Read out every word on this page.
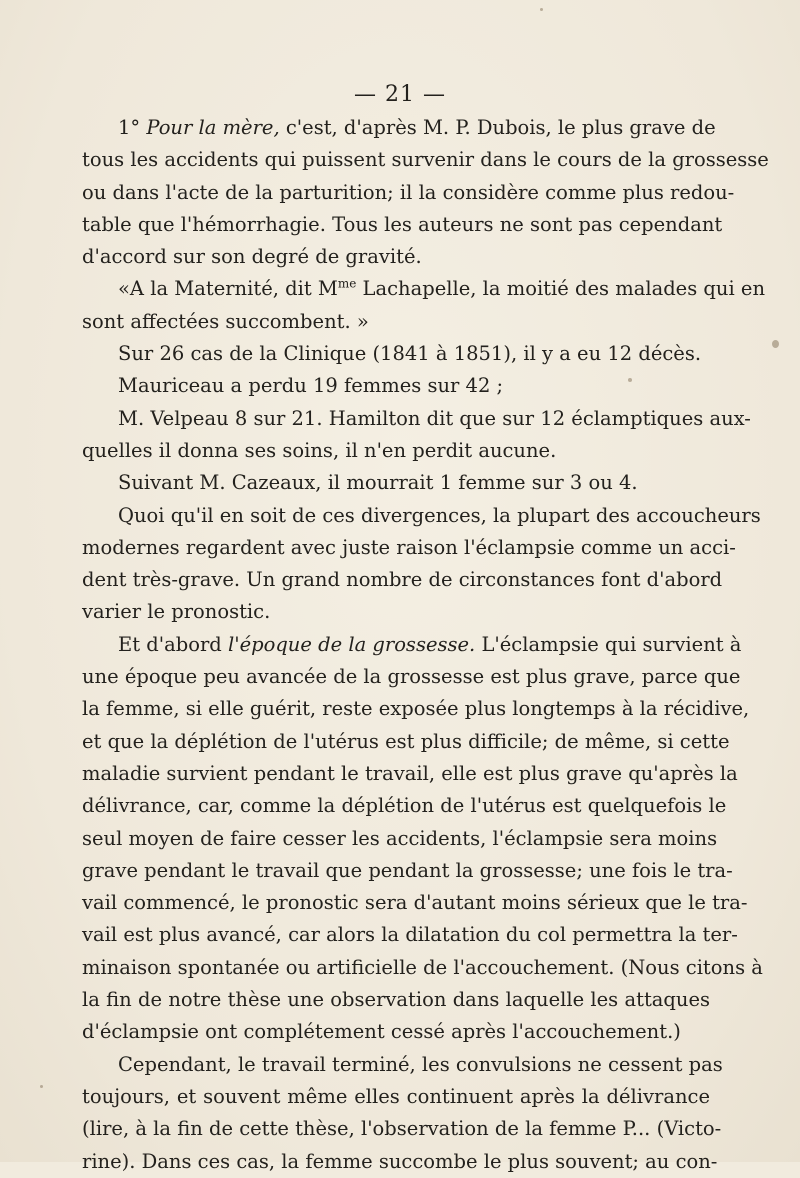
— 21 —
1° Pour la mère, c'est, d'après M. P. Dubois, le plus grave de
tous les accidents qui puissent survenir dans le cours de la grossesse
ou dans l'acte de la parturition; il la considère comme plus redou-
table que l'hémorrhagie. Tous les auteurs ne sont pas cependant
d'accord sur son degré de gravité.
«A la Maternité, dit $M^{me}$ Lachapelle, la moitié des malades qui en
sont affectées succombent. »
Sur 26 cas de la Clinique (1841 à 1851), il y a eu 12 décès.
Mauriceau a perdu 19 femmes sur 42 ;
M. Velpeau 8 sur 21. Hamilton dit que sur 12 éclamptiques aux-
quelles il donna ses soins, il n'en perdit aucune.
Suivant M. Cazeaux, il mourrait 1 femme sur 3 ou 4.
Quoi qu'il en soit de ces divergences, la plupart des accoucheurs
modernes regardent avec juste raison l'éclampsie comme un acci-
dent très-grave. Un grand nombre de circonstances font d'abord
varier le pronostic.
Et d'abord l'époque de la grossesse. L'éclampsie qui survient à
une époque peu avancée de la grossesse est plus grave, parce que
la femme, si elle guérit, reste exposée plus longtemps à la récidive,
et que la déplétion de l'utérus est plus difficile; de même, si cette
maladie survient pendant le travail, elle est plus grave qu'après la
délivrance, car, comme la déplétion de l'utérus est quelquefois le
seul moyen de faire cesser les accidents, l'éclampsie sera moins
grave pendant le travail que pendant la grossesse; une fois le tra-
vail commencé, le pronostic sera d'autant moins sérieux que le tra-
vail est plus avancé, car alors la dilatation du col permettra la ter-
minaison spontanée ou artificielle de l'accouchement. (Nous citons à
la fin de notre thèse une observation dans laquelle les attaques
d'éclampsie ont complétement cessé après l'accouchement.)
Cependant, le travail terminé, les convulsions ne cessent pas
toujours, et souvent même elles continuent après la délivrance
(lire, à la fin de cette thèse, l'observation de la femme P... (Victo-
rine). Dans ces cas, la femme succombe le plus souvent; au con-
